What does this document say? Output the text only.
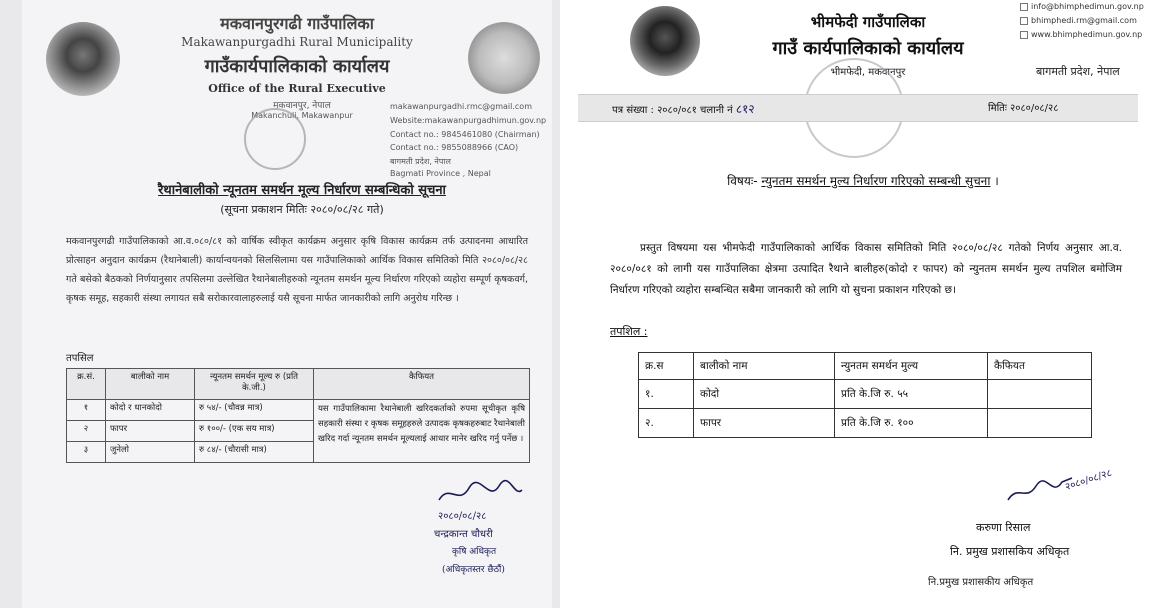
मकवानपुरगढी गाउँपालिका
Makawanpurgadhi Rural Municipality
गाउँकार्यपालिकाको कार्यालय
Office of the Rural Executive
मकवानपुर, नेपाल
Makanchuli, Makawanpur
makawanpurgadhi.rmc@gmail.com
Website:makawanpurgadhimun.gov.np
Contact no.: 9845461080 (Chairman)
Contact no.: 9855088966 (CAO)
बागमती प्रदेश, नेपाल
Bagmati Province , Nepal
रैथानेबालीको न्यूनतम समर्थन मूल्य निर्धारण सम्बन्धिको सूचना
(सूचना प्रकाशन मितिः २०८०/०८/२८ गते)
मकवानपुरगढी गाउँपालिकाको आ.व.०८०/८१ को वार्षिक स्वीकृत कार्यक्रम अनुसार कृषि विकास कार्यक्रम तर्फ उत्पादनमा आधारित प्रोत्साहन अनुदान कार्यक्रम (रैथानेबाली) कार्यान्वयनको सिलसिलामा यस गाउँपालिकाको आर्थिक विकास समितिको मिति २०८०/०८/२८ गते बसेको बैठकको निर्णयानुसार तपसिलमा उल्लेखित रैथानेबालीहरुको न्यूनतम समर्थन मूल्य निर्धारण गरिएको व्यहोरा सम्पूर्ण कृषकवर्ग, कृषक समूह, सहकारी संस्था लगायत सबै सरोकारवालाहरुलाई यसै सूचना मार्फत जानकारीको लागि अनुरोध गरिन्छ ।
तपसिल
क्र.सं.	बालीको नाम	न्यूनतम समर्थन मूल्य रु (प्रति के.जी.)	कैफियत
१	कोदो र धानकोदो	रु ५४/- (चौवन्न मात्र)	यस गाउँपालिकामा रैथानेबाली खरिदकर्ताको रुपमा सूचीकृत कृषि सहकारी संस्था र कृषक समूहहरुले उत्पादक कृषकहरुबाट रैथानेबाली खरिद गर्दा न्यूनतम समर्थन मूल्यलाई आधार मानेर खरिद गर्नु पर्नेछ ।
२	फापर	रु १००/- (एक सय मात्र)	
३	जुनेलो	रु ८४/- (चौरासी मात्र)	
२०८०/०८/२८
चन्द्रकान्त चौधरी
कृषि अधिकृत
(अधिकृतस्तर छैठौं)
भीमफेदी गाउँपालिका
गाउँ कार्यपालिकाको कार्यालय
भीमफेदी, मकवानपुर	बागमती प्रदेश, नेपाल
info@bhimphedimun.gov.np
bhimphedi.rm@gmail.com
www.bhimphedimun.gov.np
पत्र संख्या : २०८०/०८१ चलानी नं ८१२	मितिः २०८०/०८/२८
विषयः- न्युनतम समर्थन मुल्य निर्धारण गरिएको सम्बन्धी सुचना ।
प्रस्तुत विषयमा यस भीमफेदी गाउँपालिकाको आर्थिक विकास समितिको मिति २०८०/०८/२८ गतेको निर्णय अनुसार आ.व. २०८०/०८१ को लागी यस गाउँपालिका क्षेत्रमा उत्पादित रैथाने बालीहरु(कोदो र फापर) को न्युनतम समर्थन मुल्य तपशिल बमोजिम निर्धारण गरिएको व्यहोरा सम्बन्धित सबैमा जानकारी को लागि यो सुचना प्रकाशन गरिएको छ।
तपशिल :
क्र.स	बालीको नाम	न्युनतम समर्थन मुल्य	कैफियत
१.	कोदो	प्रति के.जि रु. ५५	
२.	फापर	प्रति के.जि रु. १००	
२०८०/०८/२८
करुणा रिसाल
नि. प्रमुख प्रशासकिय अधिकृत
नि.प्रमुख प्रशासकीय अधिकृत
